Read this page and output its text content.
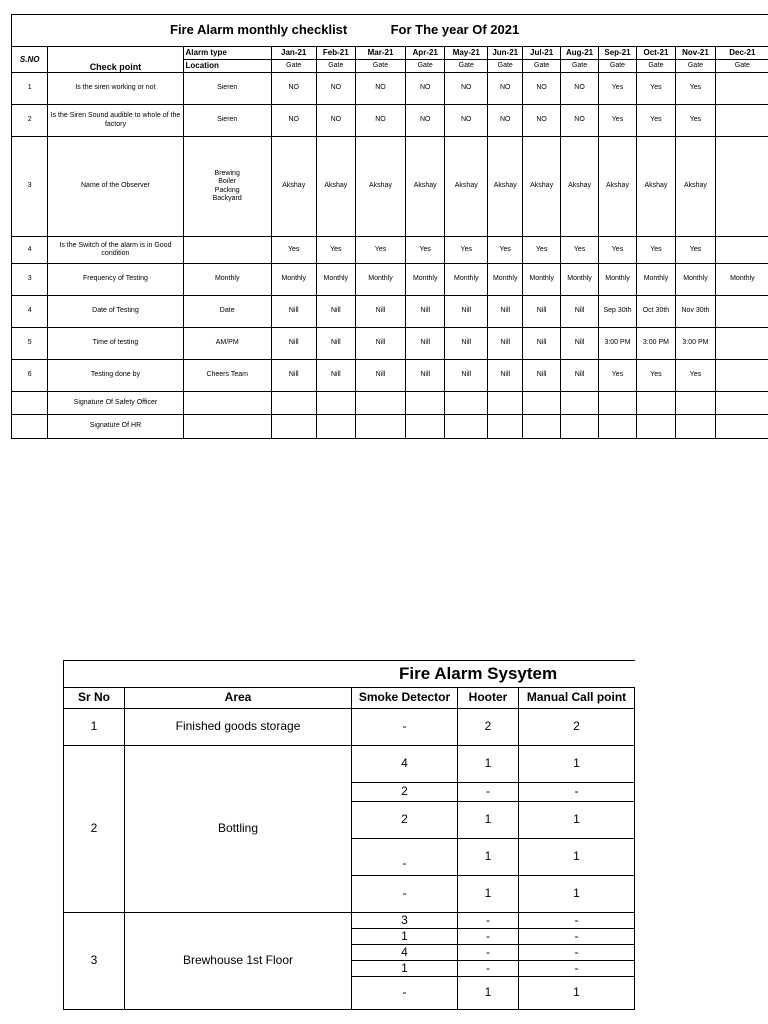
Fire Alarm monthly checklist For The year Of 2021														
S.NO	Check point	Alarm type	Jan-21	Feb-21	Mar-21	Apr-21	May-21	Jun-21	Jul-21	Aug-21	Sep-21	Oct-21	Nov-21	Dec-21
		Location	Gate	Gate	Gate	Gate	Gate	Gate	Gate	Gate	Gate	Gate	Gate	Gate
1	Is the siren working or not	Sieren	NO	NO	NO	NO	NO	NO	NO	NO	Yes	Yes	Yes	
2	Is the Siren Sound audible to whole of the factory	Sieren	NO	NO	NO	NO	NO	NO	NO	NO	Yes	Yes	Yes	
3	Name of the Observer	Brewing
Boiler
Packing
Backyard	Akshay	Akshay	Akshay	Akshay	Akshay	Akshay	Akshay	Akshay	Akshay	Akshay	Akshay	
4	Is the Switch of the alarm is in Good condition		Yes	Yes	Yes	Yes	Yes	Yes	Yes	Yes	Yes	Yes	Yes	
3	Frequency of Testing	Monthly	Monthly	Monthly	Monthly	Monthly	Monthly	Monthly	Monthly	Monthly	Monthly	Monthly	Monthly	Monthly
4	Date of Testing	Date	Nill	Nill	Nill	Nill	Nill	Nill	Nill	Nill	Sep 30th	Oct 30th	Nov 30th	
5	Time of testing	AM/PM	Nill	Nill	Nill	Nill	Nill	Nill	Nill	Nill	3:00 PM	3:00 PM	3:00 PM	
6	Testing done by	Cheers Team	Nill	Nill	Nill	Nill	Nill	Nill	Nill	Nill	Yes	Yes	Yes	
	Signature Of Safety Officer													
	Signature Of HR													
Fire Alarm Sysytem				
Sr No	Area	Smoke Detector	Hooter	Manual Call point
1	Finished goods storage	-	2	2
2	Bottling	4	1	1
		2	-	-
		2	1	1
		-	1	1
		-	1	1
3	Brewhouse 1st Floor	3	-	-
		1	-	-
		4	-	-
		1	-	-
		-	1	1
